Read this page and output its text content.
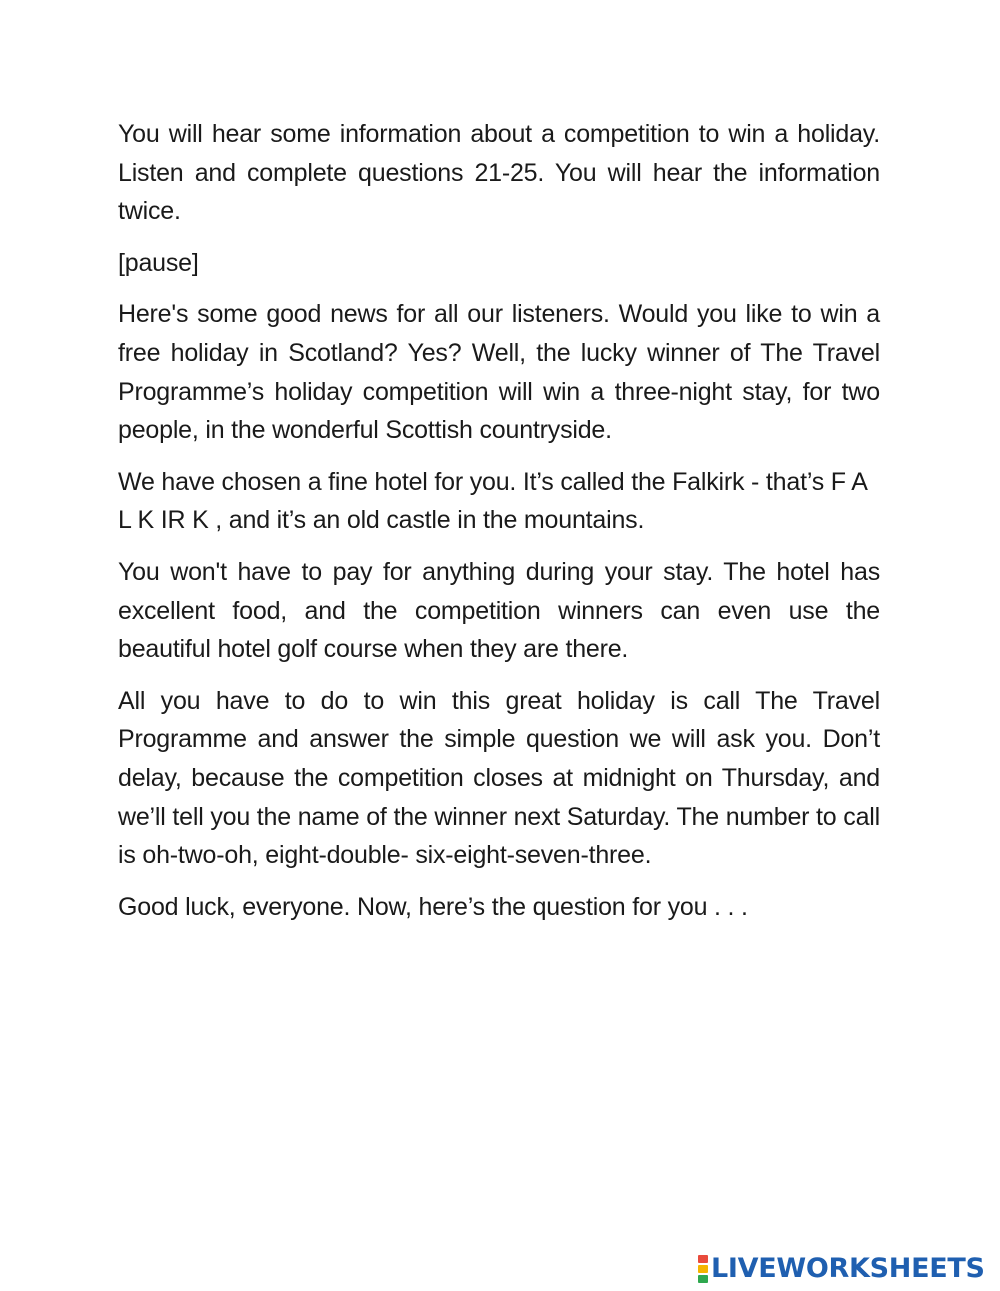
You will hear some information about a competition to win a holiday. Listen and complete questions 21-25. You will hear the information twice.

[pause]

Here's some good news for all our listeners. Would you like to win a free holiday in Scotland? Yes? Well, the lucky winner of The Travel Programme’s holiday competition will win a three-night stay, for two people, in the wonderful Scottish countryside.

We have chosen a fine hotel for you. It’s called the Falkirk - that’s F A L K IR K , and it’s an old castle in the mountains.

You won't have to pay for anything during your stay. The hotel has excellent food, and the competition winners can even use the beautiful hotel golf course when they are there.

All you have to do to win this great holiday is call The Travel Programme and answer the simple question we will ask you. Don’t delay, because the competition closes at midnight on Thursday, and we’ll tell you the name of the winner next Saturday. The number to call is oh-two-oh, eight-double- six-eight-seven-three.

Good luck, everyone. Now, here’s the question for you . . .

LIVEWORKSHEETS
